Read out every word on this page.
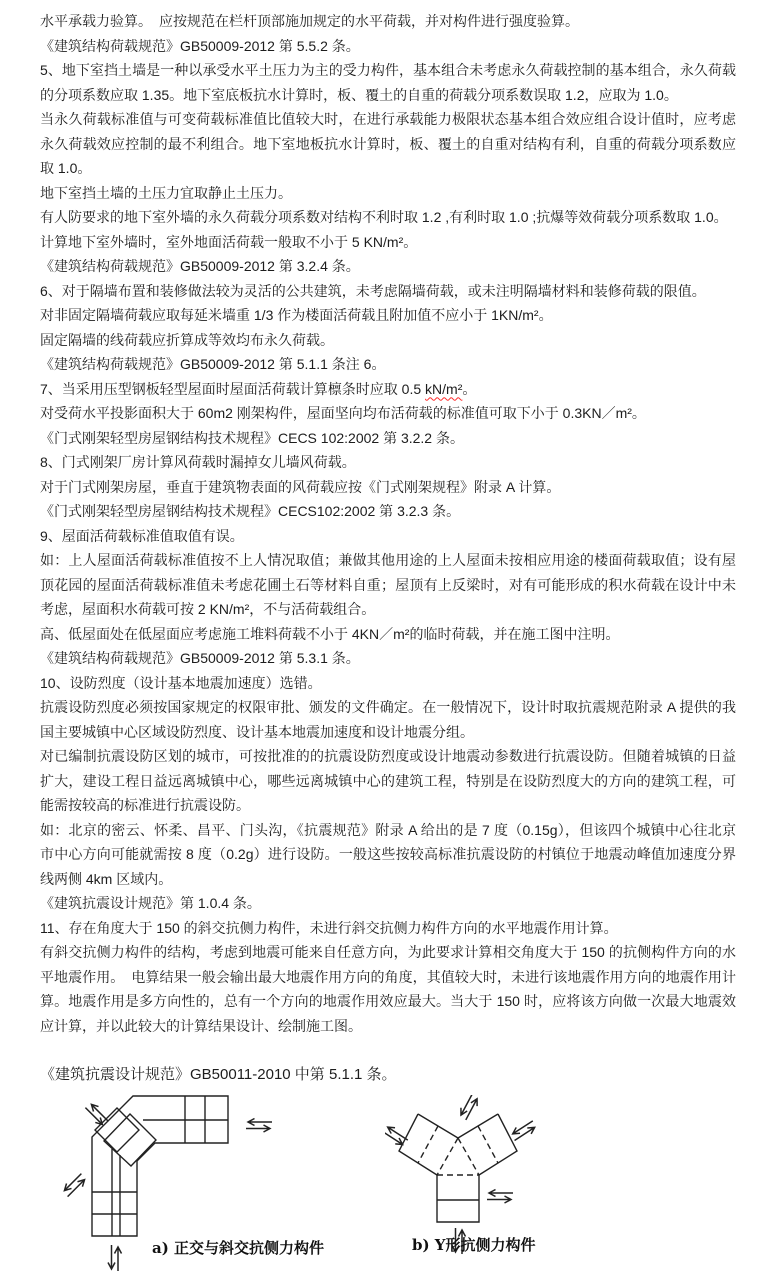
水平承载力验算。　应按规范在栏杆顶部施加规定的水平荷载，并对构件进行强度验算。
《建筑结构荷载规范》GB50009-2012 第 5.5.2 条。
5、地下室挡土墙是一种以承受水平土压力为主的受力构件，基本组合未考虑永久荷载控制的基本组合，永久荷载的分项系数应取 1.35。地下室底板抗水计算时，板、覆土的自重的荷载分项系数误取 1.2，应取为 1.0。
当永久荷载标准值与可变荷载标准值比值较大时，在进行承载能力极限状态基本组合效应组合设计值时，应考虑永久荷载效应控制的最不利组合。地下室地板抗水计算时，板、覆土的自重对结构有利，自重的荷载分项系数应取 1.0。
地下室挡土墙的土压力宜取静止土压力。
有人防要求的地下室外墙的永久荷载分项系数对结构不利时取 1.2 ,有利时取 1.0 ;抗爆等效荷载分项系数取 1.0。
计算地下室外墙时，室外地面活荷载一般取不小于 5 KN/m²。
《建筑结构荷载规范》GB50009-2012 第 3.2.4 条。
6、对于隔墙布置和装修做法较为灵活的公共建筑，未考虑隔墙荷载，或未注明隔墙材料和装修荷载的限值。
对非固定隔墙荷载应取每延米墙重 1/3 作为楼面活荷载且附加值不应小于 1KN/m²。
固定隔墙的线荷载应折算成等效均布永久荷载。
《建筑结构荷载规范》GB50009-2012 第 5.1.1 条注 6。
7、当采用压型钢板轻型屋面时屋面活荷载计算檩条时应取 0.5 kN/m²。
对受荷水平投影面积大于 60m2 刚架构件，屋面坚向均布活荷载的标准值可取下小于 0.3KN／m²。
《门式刚架轻型房屋钢结构技术规程》CECS 102:2002 第 3.2.2 条。
8、门式刚架厂房计算风荷载时漏掉女儿墙风荷载。
对于门式刚架房屋，垂直于建筑物表面的风荷载应按《门式刚架规程》附录 A 计算。
《门式刚架轻型房屋钢结构技术规程》CECS102:2002 第 3.2.3 条。
9、屋面活荷载标准值取值有误。
如：上人屋面活荷载标准值按不上人情况取值；兼做其他用途的上人屋面未按相应用途的楼面荷载取值；设有屋顶花园的屋面活荷载标准值未考虑花圃土石等材料自重；屋顶有上反梁时，对有可能形成的积水荷载在设计中未考虑，屋面积水荷载可按 2 KN/m²，不与活荷载组合。
高、低屋面处在低屋面应考虑施工堆料荷载不小于 4KN／m²的临时荷载，并在施工图中注明。
《建筑结构荷载规范》GB50009-2012 第 5.3.1 条。
10、设防烈度（设计基本地震加速度）选错。
抗震设防烈度必须按国家规定的权限审批、颁发的文件确定。在一般情况下，设计时取抗震规范附录 A 提供的我国主要城镇中心区域设防烈度、设计基本地震加速度和设计地震分组。
对已编制抗震设防区划的城市，可按批准的的抗震设防烈度或设计地震动参数进行抗震设防。但随着城镇的日益扩大，建设工程日益远离城镇中心，哪些远离城镇中心的建筑工程，特别是在设防烈度大的方向的建筑工程，可能需按较高的标准进行抗震设防。
如：北京的密云、怀柔、昌平、门头沟，《抗震规范》附录 A 给出的是 7 度（0.15g），但该四个城镇中心往北京市中心方向可能就需按 8 度（0.2g）进行设防。一般这些按较高标准抗震设防的村镇位于地震动峰值加速度分界线两侧 4km 区域内。
《建筑抗震设计规范》第 1.0.4 条。
11、存在角度大于 150 的斜交抗侧力构件，未进行斜交抗侧力构件方向的水平地震作用计算。
有斜交抗侧力构件的结构，考虑到地震可能来自任意方向，为此要求计算相交角度大于 150 的抗侧构件方向的水平地震作用。　电算结果一般会输出最大地震作用方向的角度，其值较大时，未进行该地震作用方向的地震作用计算。地震作用是多方向性的，总有一个方向的地震作用效应最大。当大于 150 时，应将该方向做一次最大地震效应计算，并以此较大的计算结果设计、绘制施工图。
《建筑抗震设计规范》GB50011-2010 中第 5.1.1 条。
a) 正交与斜交抗侧力构件	b) Y形抗侧力构件
